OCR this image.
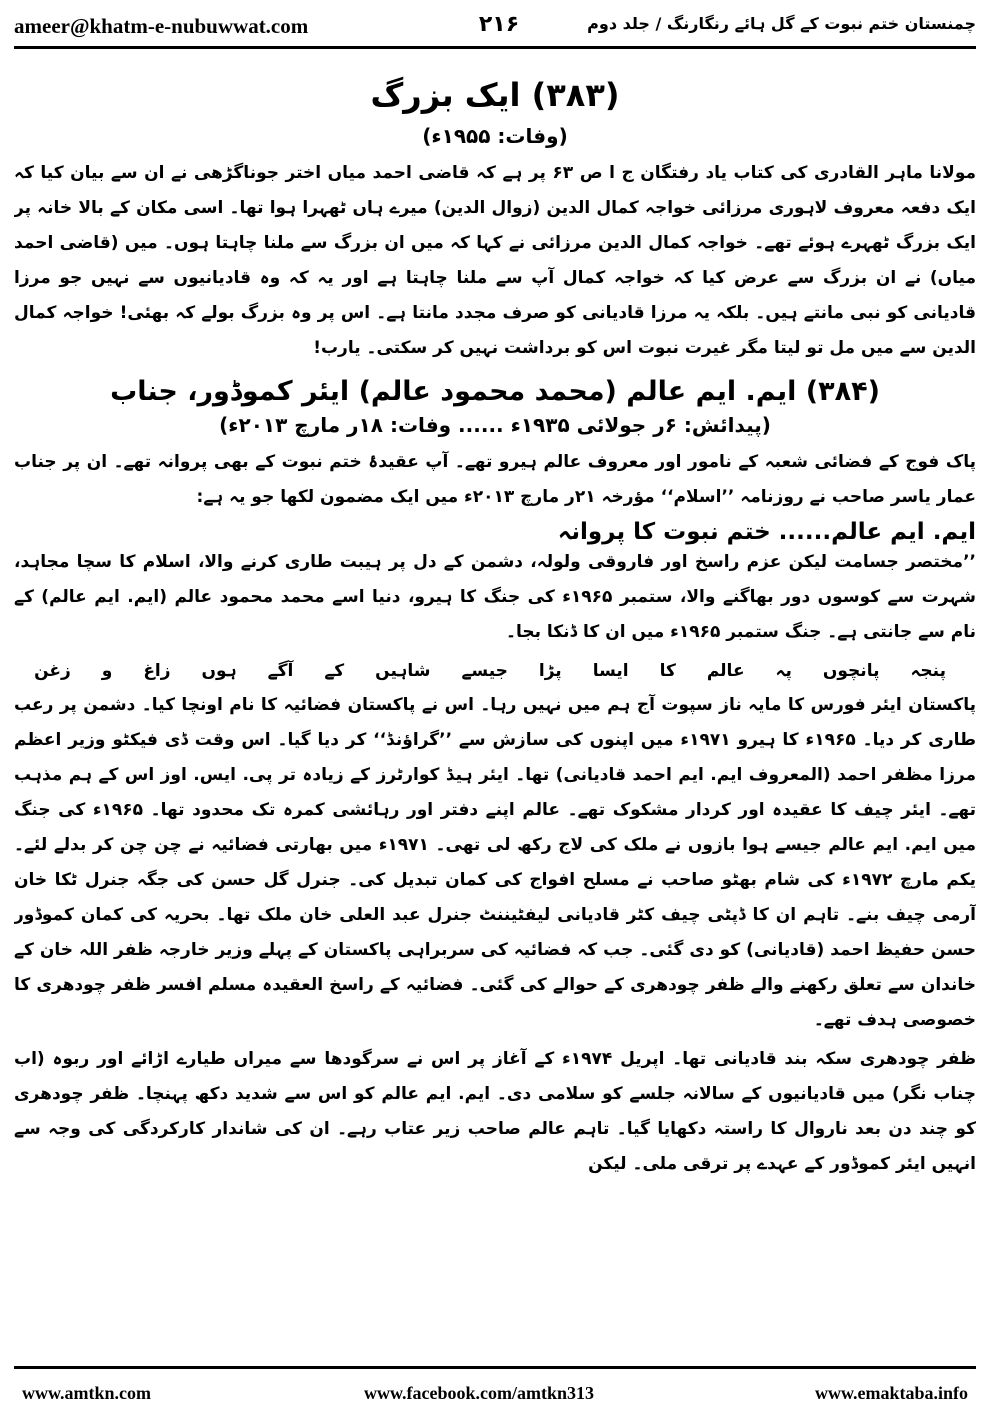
ameer@khatm-e-nubuwwat.com	۲۱۶	چمنستان ختم نبوت کے گل ہائے رنگارنگ / جلد دوم
(۳۸۳) ایک بزرگ
(وفات: ۱۹۵۵ء)

مولانا ماہر القادری کی کتاب یاد رفتگان ج ا ص ۶۳ پر ہے کہ قاضی احمد میاں اختر جوناگڑھی نے ان سے بیان کیا کہ ایک دفعہ معروف لاہوری مرزائی خواجہ کمال الدین (زوال الدین) میرے ہاں ٹھہرا ہوا تھا۔ اسی مکان کے بالا خانہ پر ایک بزرگ ٹھہرے ہوئے تھے۔ خواجہ کمال الدین مرزائی نے کہا کہ میں ان بزرگ سے ملنا چاہتا ہوں۔ میں (قاضی احمد میاں) نے ان بزرگ سے عرض کیا کہ خواجہ کمال آپ سے ملنا چاہتا ہے اور یہ کہ وہ قادیانیوں سے نہیں جو مرزا قادیانی کو نبی مانتے ہیں۔ بلکہ یہ مرزا قادیانی کو صرف مجدد مانتا ہے۔ اس پر وہ بزرگ بولے کہ بھئی! خواجہ کمال الدین سے میں مل تو لیتا مگر غیرت نبوت اس کو برداشت نہیں کر سکتی۔ یارب!

(۳۸۴) ایم. ایم عالم (محمد محمود عالم) ایئر کموڈور، جناب
(پیدائش: ۶ر جولائی ۱۹۳۵ء ...... وفات: ۱۸ر مارچ ۲۰۱۳ء)

پاک فوج کے فضائی شعبہ کے نامور اور معروف عالم ہیرو تھے۔ آپ عقیدۂ ختم نبوت کے بھی پروانہ تھے۔ ان پر جناب عمار یاسر صاحب نے روزنامہ ’’اسلام‘‘ مؤرخہ ۲۱ر مارچ ۲۰۱۳ء میں ایک مضمون لکھا جو یہ ہے:

ایم. ایم عالم...... ختم نبوت کا پروانہ

’’مختصر جسامت لیکن عزم راسخ اور فاروقی ولولہ، دشمن کے دل پر ہیبت طاری کرنے والا، اسلام کا سچا مجاہد، شہرت سے کوسوں دور بھاگنے والا، ستمبر ۱۹۶۵ء کی جنگ کا ہیرو، دنیا اسے محمد محمود عالم (ایم. ایم عالم) کے نام سے جانتی ہے۔ جنگ ستمبر ۱۹۶۵ء میں ان کا ڈنکا بجا۔

پنجہ
پانچوں
پہ
عالم
کا
ایسا
پڑا
جیسے
شاہیں
کے
آگے
ہوں
زاغ
و
زغن

پاکستان ایئر فورس کا مایہ ناز سپوت آج ہم میں نہیں رہا۔ اس نے پاکستان فضائیہ کا نام اونچا کیا۔ دشمن پر رعب طاری کر دیا۔ ۱۹۶۵ء کا ہیرو ۱۹۷۱ء میں اپنوں کی سازش سے ’’گراؤنڈ‘‘ کر دیا گیا۔ اس وقت ڈی فیکٹو وزیر اعظم مرزا مظفر احمد (المعروف ایم. ایم احمد قادیانی) تھا۔ ایئر ہیڈ کوارٹرز کے زیادہ تر پی. ایس. اوز اس کے ہم مذہب تھے۔ ایئر چیف کا عقیدہ اور کردار مشکوک تھے۔ عالم اپنے دفتر اور رہائشی کمرہ تک محدود تھا۔ ۱۹۶۵ء کی جنگ میں ایم. ایم عالم جیسے ہوا بازوں نے ملک کی لاج رکھ لی تھی۔ ۱۹۷۱ء میں بھارتی فضائیہ نے چن چن کر بدلے لئے۔ یکم مارچ ۱۹۷۲ء کی شام بھٹو صاحب نے مسلح افواج کی کمان تبدیل کی۔ جنرل گل حسن کی جگہ جنرل ٹکا خان آرمی چیف بنے۔ تاہم ان کا ڈپٹی چیف کٹر قادیانی لیفٹیننٹ جنرل عبد العلی خان ملک تھا۔ بحریہ کی کمان کموڈور حسن حفیظ احمد (قادیانی) کو دی گئی۔ جب کہ فضائیہ کی سربراہی پاکستان کے پہلے وزیر خارجہ ظفر اللہ خان کے خاندان سے تعلق رکھنے والے ظفر چودھری کے حوالے کی گئی۔ فضائیہ کے راسخ العقیدہ مسلم افسر ظفر چودھری کا خصوصی ہدف تھے۔

ظفر چودھری سکہ بند قادیانی تھا۔ اپریل ۱۹۷۴ء کے آغاز پر اس نے سرگودھا سے میراں طیارے اڑائے اور ربوہ (اب چناب نگر) میں قادیانیوں کے سالانہ جلسے کو سلامی دی۔ ایم. ایم عالم کو اس سے شدید دکھ پہنچا۔ ظفر چودھری کو چند دن بعد ناروال کا راستہ دکھایا گیا۔ تاہم عالم صاحب زیر عتاب رہے۔ ان کی شاندار کارکردگی کی وجہ سے انہیں ایئر کموڈور کے عہدے پر ترقی ملی۔ لیکن

www.amtkn.com	www.facebook.com/amtkn313	www.emaktaba.info
